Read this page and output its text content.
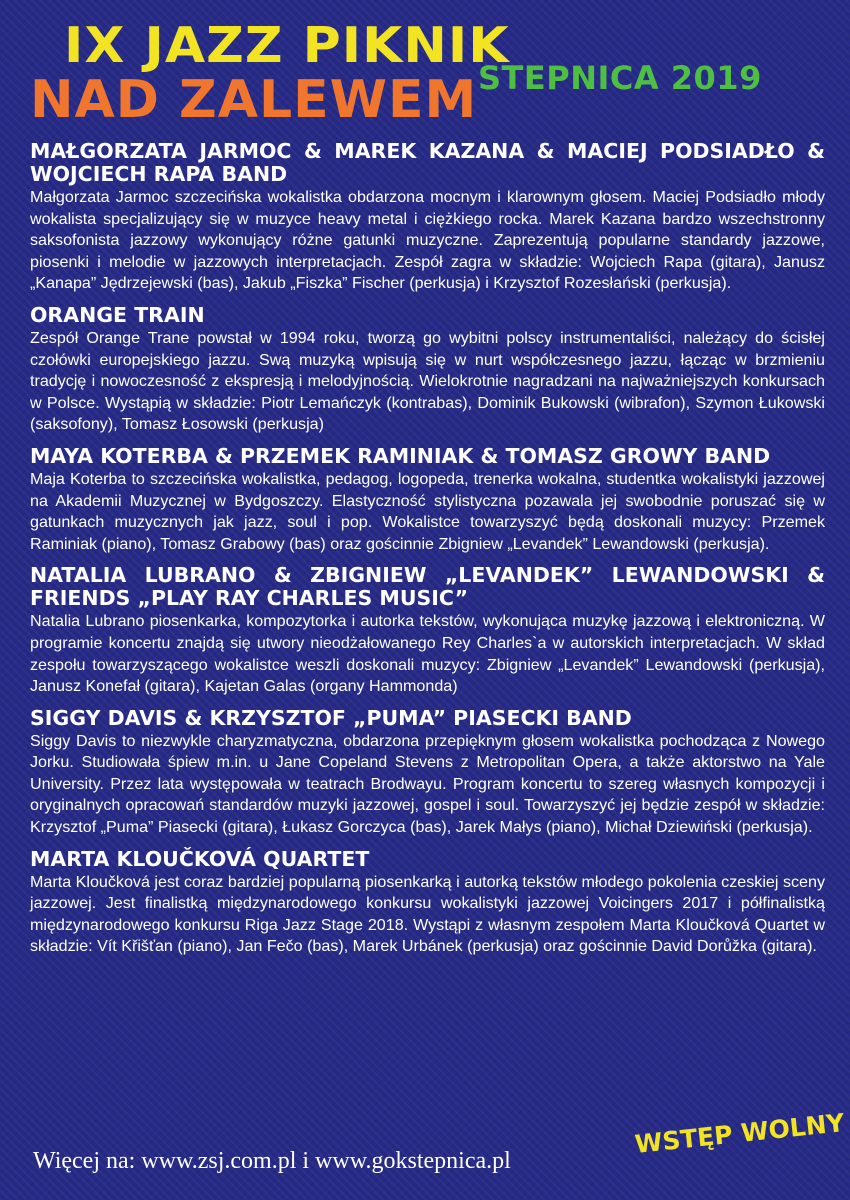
IX JAZZ PIKNIK
NAD ZALEWEM STEPNICA 2019
MAŁGORZATA JARMOC & MAREK KAZANA & MACIEJ PODSIADŁO & WOJCIECH RAPA BAND

Małgorzata Jarmoc szczecińska wokalistka obdarzona mocnym i klarownym głosem. Maciej Podsiadło młody wokalista specjalizujący się w muzyce heavy metal i ciężkiego rocka. Marek Kazana bardzo wszechstronny saksofonista jazzowy wykonujący różne gatunki muzyczne. Zaprezentują popularne standardy jazzowe, piosenki i melodie w jazzowych interpretacjach. Zespół zagra w składzie: Wojciech Rapa (gitara), Janusz „Kanapa” Jędrzejewski (bas), Jakub „Fiszka” Fischer (perkusja) i Krzysztof Rozesłański (perkusja).

ORANGE TRAIN

Zespół Orange Trane powstał w 1994 roku, tworzą go wybitni polscy instrumentaliści, należący do ścisłej czołówki europejskiego jazzu. Swą muzyką wpisują się w nurt współczesnego jazzu, łącząc w brzmieniu tradycję i nowoczesność z ekspresją i melodyjnością. Wielokrotnie nagradzani na najważniejszych konkursach w Polsce. Wystąpią w składzie: Piotr Lemańczyk (kontrabas), Dominik Bukowski (wibrafon), Szymon Łukowski (saksofony), Tomasz Łosowski (perkusja)

MAYA KOTERBA & PRZEMEK RAMINIAK & TOMASZ GROWY BAND

Maja Koterba to szczecińska wokalistka, pedagog, logopeda, trenerka wokalna, studentka wokalistyki jazzowej na Akademii Muzycznej w Bydgoszczy. Elastyczność stylistyczna pozawala jej swobodnie poruszać się w gatunkach muzycznych jak jazz, soul i pop. Wokalistce towarzyszyć będą doskonali muzycy: Przemek Raminiak (piano), Tomasz Grabowy (bas) oraz gościnnie Zbigniew „Levandek” Lewandowski (perkusja).

NATALIA LUBRANO & ZBIGNIEW „LEVANDEK” LEWANDOWSKI & FRIENDS „PLAY RAY CHARLES MUSIC”

Natalia Lubrano piosenkarka, kompozytorka i autorka tekstów, wykonująca muzykę jazzową i elektroniczną. W programie koncertu znajdą się utwory nieodżałowanego Rey Charles`a w autorskich interpretacjach. W skład zespołu towarzyszącego wokalistce weszli doskonali muzycy: Zbigniew „Levandek” Lewandowski (perkusja), Janusz Konefał (gitara), Kajetan Galas (organy Hammonda)

SIGGY DAVIS & KRZYSZTOF „PUMA” PIASECKI BAND

Siggy Davis to niezwykle charyzmatyczna, obdarzona przepięknym głosem wokalistka pochodząca z Nowego Jorku. Studiowała śpiew m.in. u Jane Copeland Stevens z Metropolitan Opera, a także aktorstwo na Yale University. Przez lata występowała w teatrach Brodwayu. Program koncertu to szereg własnych kompozycji i oryginalnych opracowań standardów muzyki jazzowej, gospel i soul. Towarzyszyć jej będzie zespół w składzie: Krzysztof „Puma” Piasecki (gitara), Łukasz Gorczyca (bas), Jarek Małys (piano), Michał Dziewiński (perkusja).

MARTA KLOUČKOVÁ QUARTET

Marta Kloučková jest coraz bardziej popularną piosenkarką i autorką tekstów młodego pokolenia czeskiej sceny jazzowej. Jest finalistką międzynarodowego konkursu wokalistyki jazzowej Voicingers 2017 i półfinalistką międzynarodowego konkursu Riga Jazz Stage 2018. Wystąpi z własnym zespołem Marta Kloučková Quartet w składzie: Vít Křišťan (piano), Jan Fečo (bas), Marek Urbánek (perkusja) oraz gościnnie David Dorůžka (gitara).

Więcej na: www.zsj.com.pl i www.gokstepnica.pl
WSTĘP WOLNY
